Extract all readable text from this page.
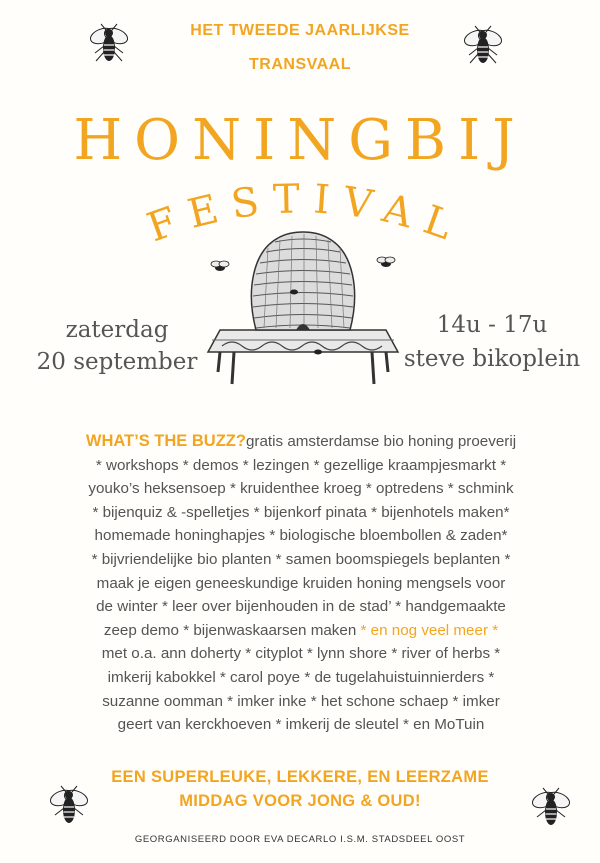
HET TWEEDE JAARLIJKSE
TRANSVAAL
HONINGBIJ
FESTIVAL
zaterdag
20 september
14u - 17u
steve bikoplein
WHAT’S THE BUZZ?gratis amsterdamse bio honing proeverij
* workshops * demos * lezingen * gezellige kraampjesmarkt *
youko’s heksensoep * kruidenthee kroeg * optredens * schmink
* bijenquiz & -spelletjes * bijenkorf pinata * bijenhotels maken*
homemade honinghapjes * biologische bloembollen & zaden*
* bijvriendelijke bio planten * samen boomspiegels beplanten *
maak je eigen geneeskundige kruiden honing mengsels voor
de winter * leer over bijenhouden in de stad’ * handgemaakte
zeep demo * bijenwaskaarsen maken * en nog veel meer *
met o.a. ann doherty * cityplot * lynn shore * river of herbs *
imkerij kabokkel * carol poye * de tugelahuistuinnierders *
suzanne oomman * imker inke * het schone schaep * imker
geert van kerckhoeven * imkerij de sleutel * en MoTuin
EEN SUPERLEUKE, LEKKERE, EN LEERZAME
MIDDAG VOOR JONG & OUD!
GEORGANISEERD DOOR EVA DECARLO I.S.M. STADSDEEL OOST
